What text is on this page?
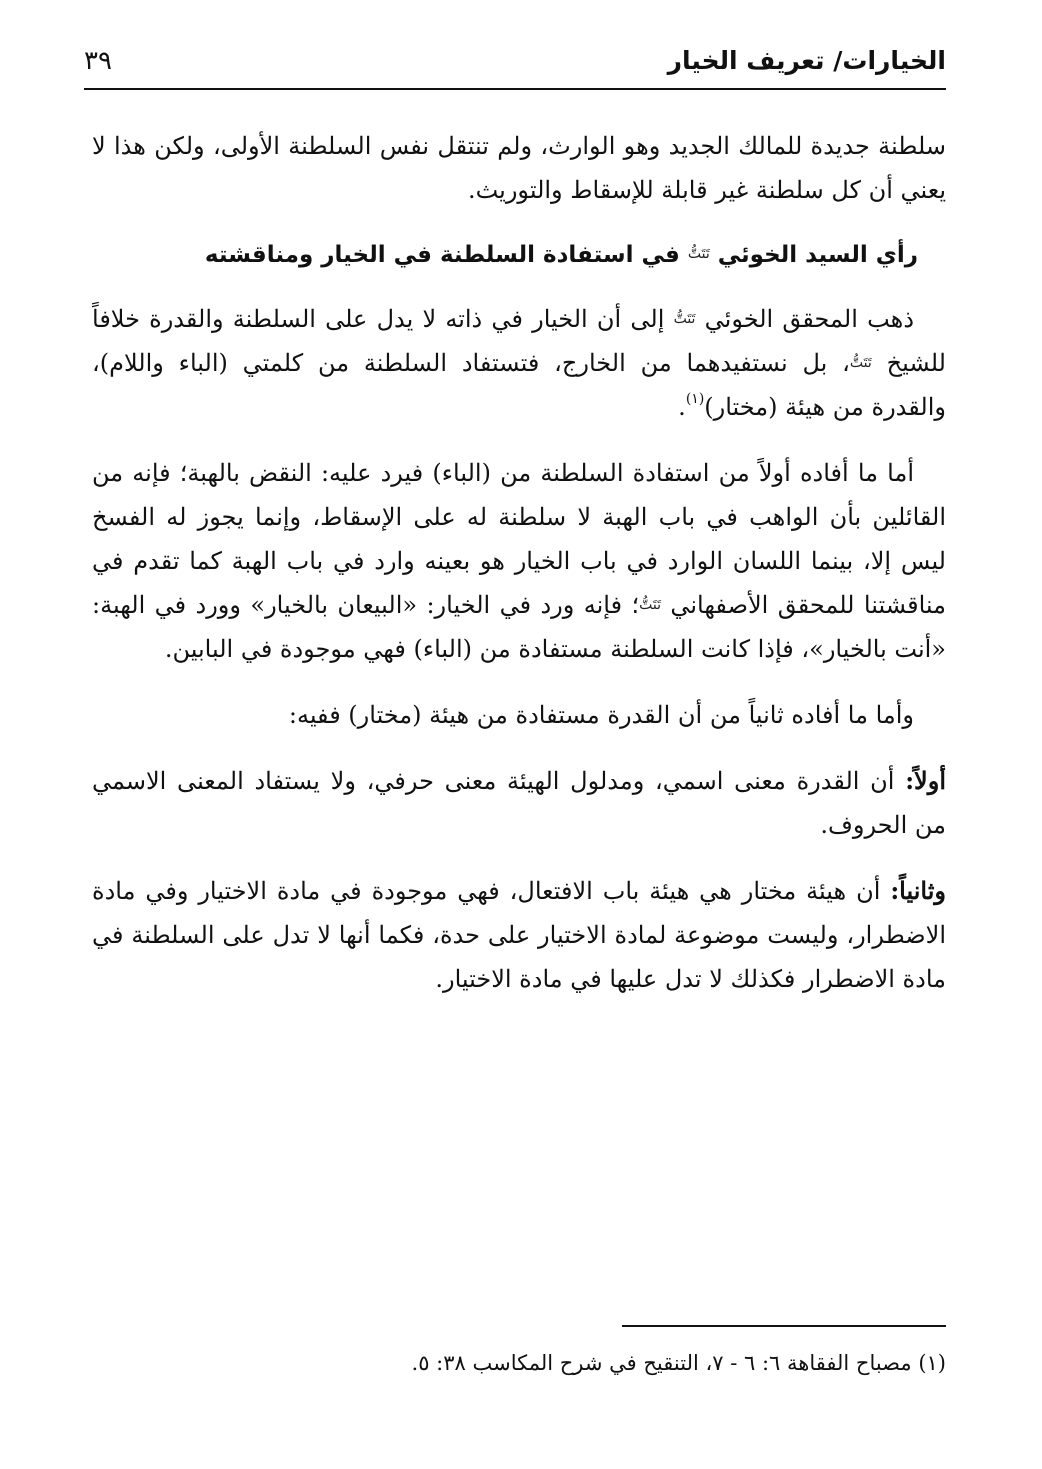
الخيارات/ تعريف الخيار
٣٩

سلطنة جديدة للمالك الجديد وهو الوارث، ولم تنتقل نفس السلطنة الأولى، ولكن هذا لا يعني أن كل سلطنة غير قابلة للإسقاط والتوريث.

رأي السيد الخوئي تَتَتُّ في استفادة السلطنة في الخيار ومناقشته

ذهب المحقق الخوئي تَتَتُّ إلى أن الخيار في ذاته لا يدل على السلطنة والقدرة خلافاً للشيخ تَتَتُّ، بل نستفيدهما من الخارج، فتستفاد السلطنة من كلمتي (الباء واللام)، والقدرة من هيئة (مختار)$^{(١)}$.

أما ما أفاده أولاً من استفادة السلطنة من (الباء) فيرد عليه: النقض بالهبة؛ فإنه من القائلين بأن الواهب في باب الهبة لا سلطنة له على الإسقاط، وإنما يجوز له الفسخ ليس إلا، بينما اللسان الوارد في باب الخيار هو بعينه وارد في باب الهبة كما تقدم في مناقشتنا للمحقق الأصفهاني تَتَتُّ؛ فإنه ورد في الخيار: «البيعان بالخيار» وورد في الهبة: «أنت بالخيار»، فإذا كانت السلطنة مستفادة من (الباء) فهي موجودة في البابين.

وأما ما أفاده ثانياً من أن القدرة مستفادة من هيئة (مختار) ففيه:

أولاً: أن القدرة معنى اسمي، ومدلول الهيئة معنى حرفي، ولا يستفاد المعنى الاسمي من الحروف.

وثانياً: أن هيئة مختار هي هيئة باب الافتعال، فهي موجودة في مادة الاختيار وفي مادة الاضطرار، وليست موضوعة لمادة الاختيار على حدة، فكما أنها لا تدل على السلطنة في مادة الاضطرار فكذلك لا تدل عليها في مادة الاختيار.

(١) مصباح الفقاهة ٦: ٦ - ٧، التنقيح في شرح المكاسب ٣٨: ٥.
